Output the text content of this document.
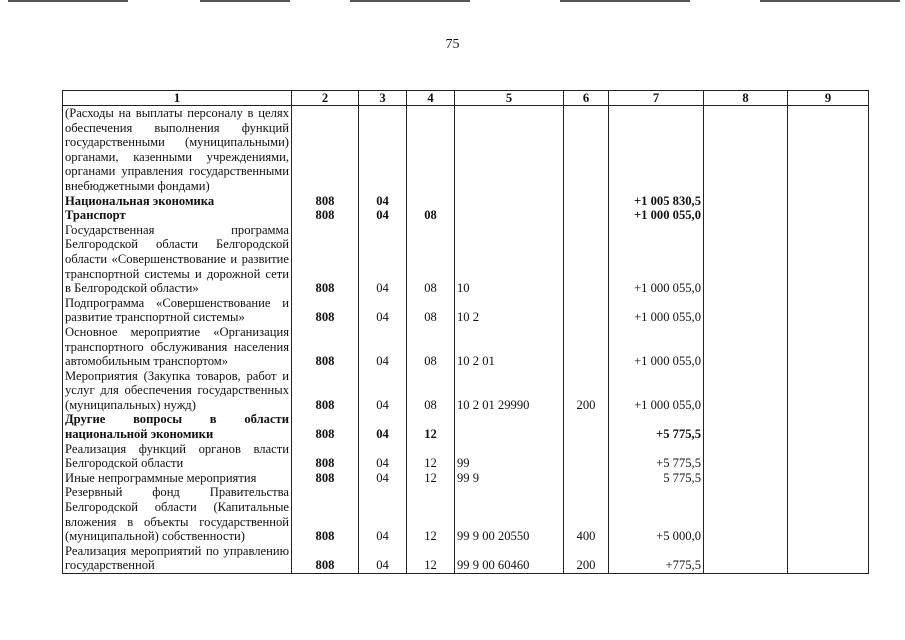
75
1	2	3	4	5	6	7	8	9
(Расходы на выплаты персоналу в целях обеспечения выполнения функций государственными (муниципальными) органами, казенными учреждениями, органами управления государственными внебюджетными фондами)								
Национальная экономика	808	04				+1 005 830,5		
Транспорт	808	04	08			+1 000 055,0		
Государственная программа Белгородской области Белгородской области «Совершенствование и развитие транспортной системы и дорожной сети в Белгородской области»	808	04	08	10		+1 000 055,0		
Подпрограмма «Совершенствование и развитие транспортной системы»	808	04	08	10 2		+1 000 055,0		
Основное мероприятие «Организация транспортного обслуживания населения автомобильным транспортом»	808	04	08	10 2 01		+1 000 055,0		
Мероприятия (Закупка товаров, работ и услуг для обеспечения государственных (муниципальных) нужд)	808	04	08	10 2 01 29990	200	+1 000 055,0		
Другие вопросы в области национальной экономики	808	04	12			+5 775,5		
Реализация функций органов власти Белгородской области	808	04	12	99		+5 775,5		
Иные непрограммные мероприятия	808	04	12	99 9		5 775,5		
Резервный фонд Правительства Белгородской области (Капитальные вложения в объекты государственной (муниципальной) собственности)	808	04	12	99 9 00 20550	400	+5 000,0		
Реализация мероприятий по управлению государственной	808	04	12	99 9 00 60460	200	+775,5		
